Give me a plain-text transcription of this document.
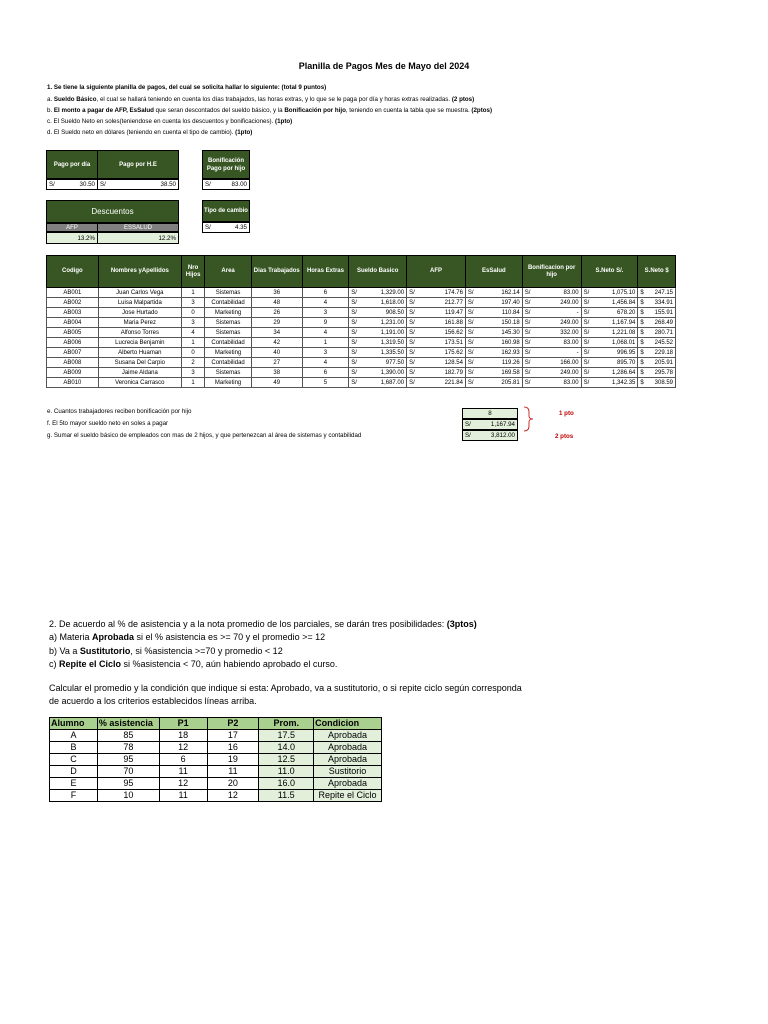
Planilla de Pagos Mes de Mayo del 2024
1. Se tiene la siguiente planilla de pagos, del cual se solicita hallar lo siguiente: (total 9 puntos)
a. Sueldo Básico, el cual se hallará teniendo en cuenta los días trabajados, las horas extras, y lo que se le paga por día y horas extras realizadas. (2 ptos)
b. El monto a pagar de AFP, EsSalud que seran descontados del sueldo básico, y la Bonificación por hijo, teniendo en cuenta la tabla que se muestra. (2ptos)
c. El Sueldo Neto en soles(teniendose en cuenta los descuentos y bonificaciones). (1pto)
d. El Sueldo neto en dólares (teniendo en cuenta el tipo de cambio). (1pto)
Pago por día	Pago por H.E
S/	30.50 S/	38.50
Bonificación Pago por hijo
S/	83.00
Descuentos
AFP	ESSALUD
13.2%	12.2%
Tipo de cambio
S/	4.35
Codigo	Nombres yApellidos	Nro Hijos	Area	Dias Trabajados	Horas Extras	Sueldo Basico	AFP	EsSalud	Bonificacion por hijo	S.Neto S/.	S.Neto $
AB001	Juan Carlos Vega	1	Sistemas	36	6	S/ 1,329.00	S/ 174.76	S/ 162.14	S/ 83.00	S/ 1,075.10	$ 247.15

AB002	Luisa Malpartida	3	Contabilidad	48	4	S/ 1,618.00	S/ 212.77	S/ 197.40	S/ 249.00	S/ 1,456.84	$ 334.91

AB003	Jose Hurtado	0	Marketing	26	3	S/ 908.50	S/ 119.47	S/ 110.84	S/ -	S/ 678.20	$ 155.91

AB004	Maria Perez	3	Sistemas	29	9	S/ 1,231.00	S/ 161.88	S/ 150.18	S/ 249.00	S/ 1,167.94	$ 268.49

AB005	Alfonso Torres	4	Sistemas	34	4	S/ 1,191.00	S/ 156.62	S/ 145.30	S/ 332.00	S/ 1,221.08	$ 280.71

AB006	Lucrecia Benjamin	1	Contabilidad	42	1	S/ 1,319.50	S/ 173.51	S/ 160.98	S/ 83.00	S/ 1,068.01	$ 245.52

AB007	Alberto Huaman	0	Marketing	40	3	S/ 1,335.50	S/ 175.62	S/ 162.93	S/ -	S/ 996.95	$ 229.18

AB008	Susana Del Carpio	2	Contabilidad	27	4	S/ 977.50	S/ 128.54	S/ 119.26	S/ 166.00	S/ 895.70	$ 205.91

AB009	Jaime Aldana	3	Sistemas	38	6	S/ 1,390.00	S/ 182.79	S/ 169.58	S/ 249.00	S/ 1,286.64	$ 295.78

AB010	Veronica Carrasco	1	Marketing	49	5	S/ 1,687.00	S/ 221.84	S/ 205.81	S/ 83.00	S/ 1,342.35	$ 308.59
e. Cuantos trabajadores reciben bonificación por hijo
f. El 5to mayor sueldo neto en soles a pagar
g. Sumar el sueldo básico de empleados con mas de 2 hijos, y que pertenezcan al área de sistemas y contabilidad
8
S/	1,167.94
S/	3,812.00
1 pto
2 ptos
2. De acuerdo al % de asistencia y a la nota promedio de los parciales, se darán tres posibilidades: (3ptos)
a) Materia Aprobada si el % asistencia es >= 70 y el promedio >= 12
b) Va a Sustitutorio, si %asistencia >=70 y promedio < 12
c) Repite el Ciclo si %asistencia < 70, aún habiendo aprobado el curso.
Calcular el promedio y la condición que indique si esta: Aprobado, va a sustitutorio, o si repite ciclo según corresponda
de acuerdo a los criterios establecidos líneas arriba.
Alumno	% asistencia	P1	P2	Prom.	Condicion
A	85	18	17	17.5	Aprobada
B	78	12	16	14.0	Aprobada
C	95	6	19	12.5	Aprobada
D	70	11	11	11.0	Sustitorio
E	95	12	20	16.0	Aprobada
F	10	11	12	11.5	Repite el Ciclo
